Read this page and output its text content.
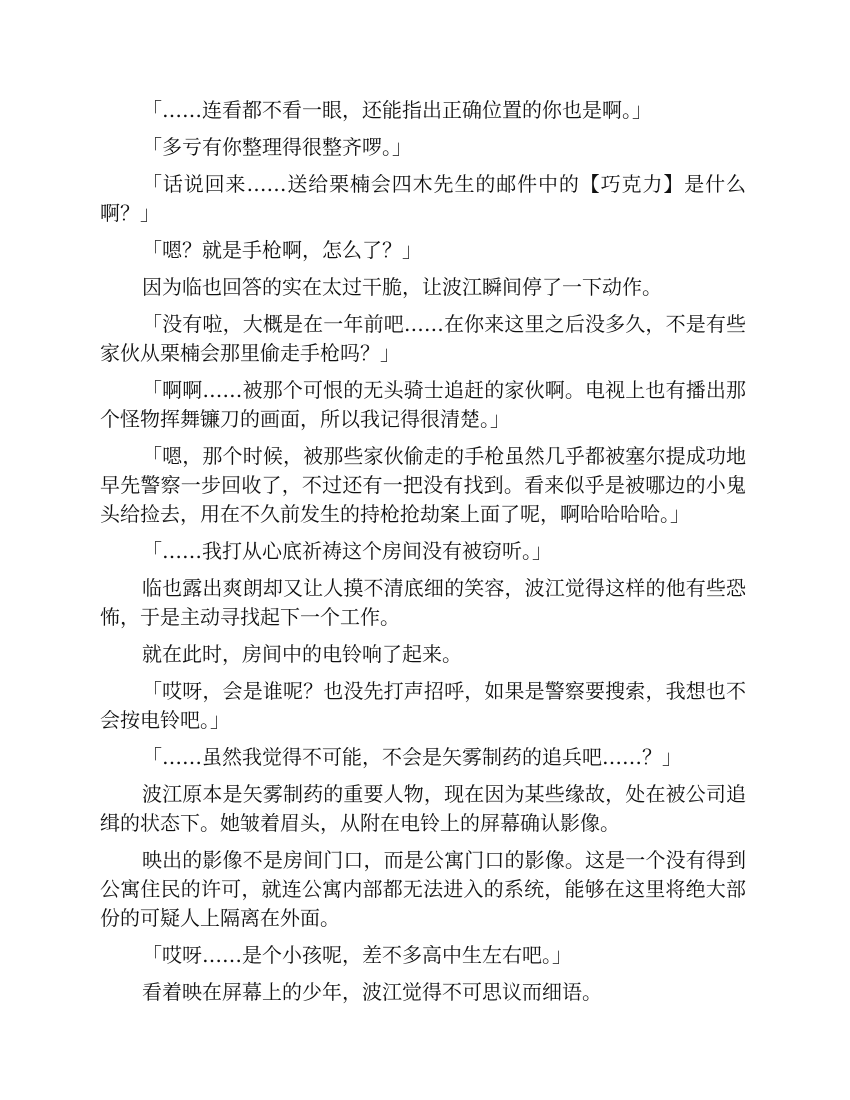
「……连看都不看一眼，还能指出正确位置的你也是啊。」

「多亏有你整理得很整齐啰。」

「话说回来……送给栗楠会四木先生的邮件中的【巧克力】是什么啊？」

「嗯？就是手枪啊，怎么了？」

因为临也回答的实在太过干脆，让波江瞬间停了一下动作。

「没有啦，大概是在一年前吧……在你来这里之后没多久，不是有些家伙从栗楠会那里偷走手枪吗？」

「啊啊……被那个可恨的无头骑士追赶的家伙啊。电视上也有播出那个怪物挥舞镰刀的画面，所以我记得很清楚。」

「嗯，那个时候，被那些家伙偷走的手枪虽然几乎都被塞尔提成功地早先警察一步回收了，不过还有一把没有找到。看来似乎是被哪边的小鬼头给捡去，用在不久前发生的持枪抢劫案上面了呢，啊哈哈哈哈。」

「……我打从心底祈祷这个房间没有被窃听。」

临也露出爽朗却又让人摸不清底细的笑容，波江觉得这样的他有些恐怖，于是主动寻找起下一个工作。

就在此时，房间中的电铃响了起来。

「哎呀，会是谁呢？也没先打声招呼，如果是警察要搜索，我想也不会按电铃吧。」

「……虽然我觉得不可能，不会是矢雾制药的追兵吧……？」

波江原本是矢雾制药的重要人物，现在因为某些缘故，处在被公司追缉的状态下。她皱着眉头，从附在电铃上的屏幕确认影像。

映出的影像不是房间门口，而是公寓门口的影像。这是一个没有得到公寓住民的许可，就连公寓内部都无法进入的系统，能够在这里将绝大部份的可疑人上隔离在外面。

「哎呀……是个小孩呢，差不多高中生左右吧。」

看着映在屏幕上的少年，波江觉得不可思议而细语。
